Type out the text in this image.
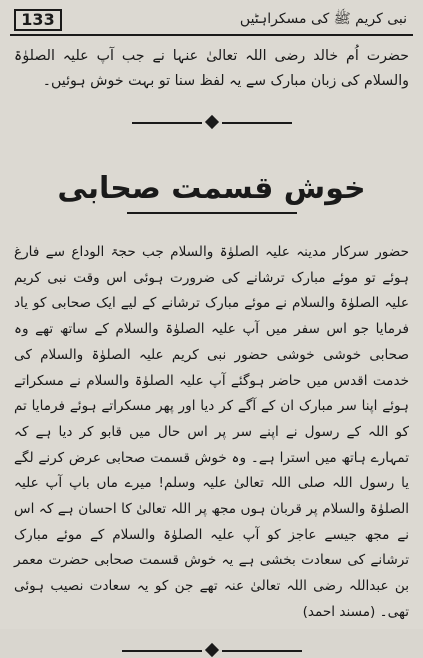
133	نبی کریم ﷺ کی مسکراہٹیں
حضرت اُم خالد رضی اللہ تعالیٰ عنہا نے جب آپ علیہ الصلوٰۃ والسلام کی زبان مبارک سے یہ لفظ سنا تو بہت خوش ہوئیں۔
خوش قسمت صحابی
حضور سرکار مدینہ علیہ الصلوٰۃ والسلام جب حجۃ الوداع سے فارغ ہوئے تو موئے مبارک ترشانے کی ضرورت ہوئی اس وقت نبی کریم علیہ الصلوٰۃ والسلام نے موئے مبارک ترشانے کے لیے ایک صحابی کو یاد فرمایا جو اس سفر میں آپ علیہ الصلوٰۃ والسلام کے ساتھ تھے وہ صحابی خوشی خوشی حضور نبی کریم علیہ الصلوٰۃ والسلام کی خدمت اقدس میں حاضر ہوگئے آپ علیہ الصلوٰۃ والسلام نے مسکراتے ہوئے اپنا سر مبارک ان کے آگے کر دیا اور پھر مسکراتے ہوئے فرمایا تم کو اللہ کے رسول نے اپنے سر پر اس حال میں قابو کر دیا ہے کہ تمہارے ہاتھ میں استرا ہے۔ وہ خوش قسمت صحابی عرض کرنے لگے یا رسول اللہ صلی اللہ تعالیٰ علیہ وسلم! میرے ماں باپ آپ علیہ الصلوٰۃ والسلام پر قربان ہوں مجھ پر اللہ تعالیٰ کا احسان ہے کہ اس نے مجھ جیسے عاجز کو آپ علیہ الصلوٰۃ والسلام کے موئے مبارک ترشانے کی سعادت بخشی ہے یہ خوش قسمت صحابی حضرت معمر بن عبداللہ رضی اللہ تعالیٰ عنہ تھے جن کو یہ سعادت نصیب ہوئی تھی۔ (مسند احمد)
